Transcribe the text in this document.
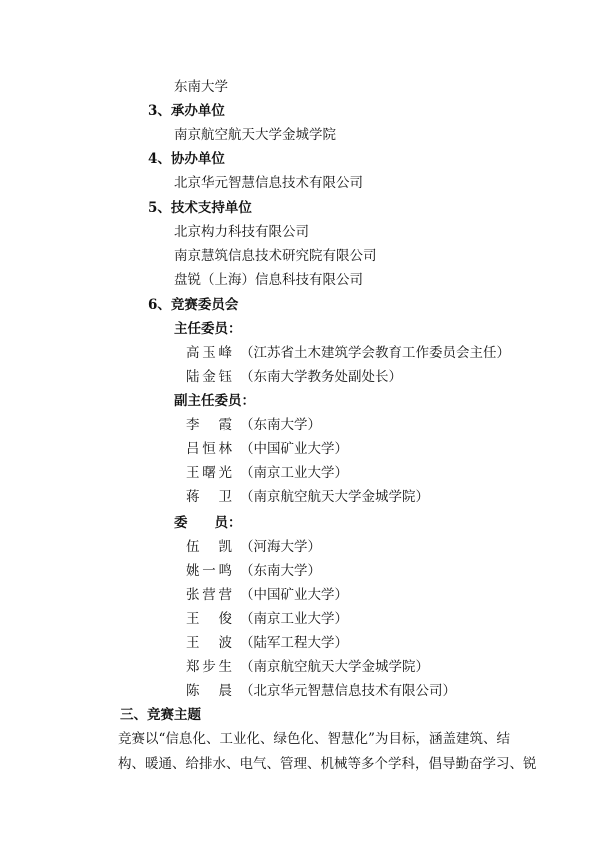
东南大学
3、承办单位
南京航空航天大学金城学院
4、协办单位
北京华元智慧信息技术有限公司
5、技术支持单位
北京构力科技有限公司
南京慧筑信息技术研究院有限公司
盘锐（上海）信息科技有限公司
6、竞赛委员会
主任委员：
高玉峰 （江苏省土木建筑学会教育工作委员会主任）
陆金钰 （东南大学教务处副处长）
副主任委员：
李霞 （东南大学）
吕恒林 （中国矿业大学）
王曙光 （南京工业大学）
蒋卫 （南京航空航天大学金城学院）
委　　员：
伍凯 （河海大学）
姚一鸣 （东南大学）
张营营 （中国矿业大学）
王俊 （南京工业大学）
王波 （陆军工程大学）
郑步生 （南京航空航天大学金城学院）
陈晨 （北京华元智慧信息技术有限公司）
三、竞赛主题

竞赛以“信息化、工业化、绿色化、智慧化”为目标，涵盖建筑、结

构、暖通、给排水、电气、管理、机械等多个学科，倡导勤奋学习、锐
